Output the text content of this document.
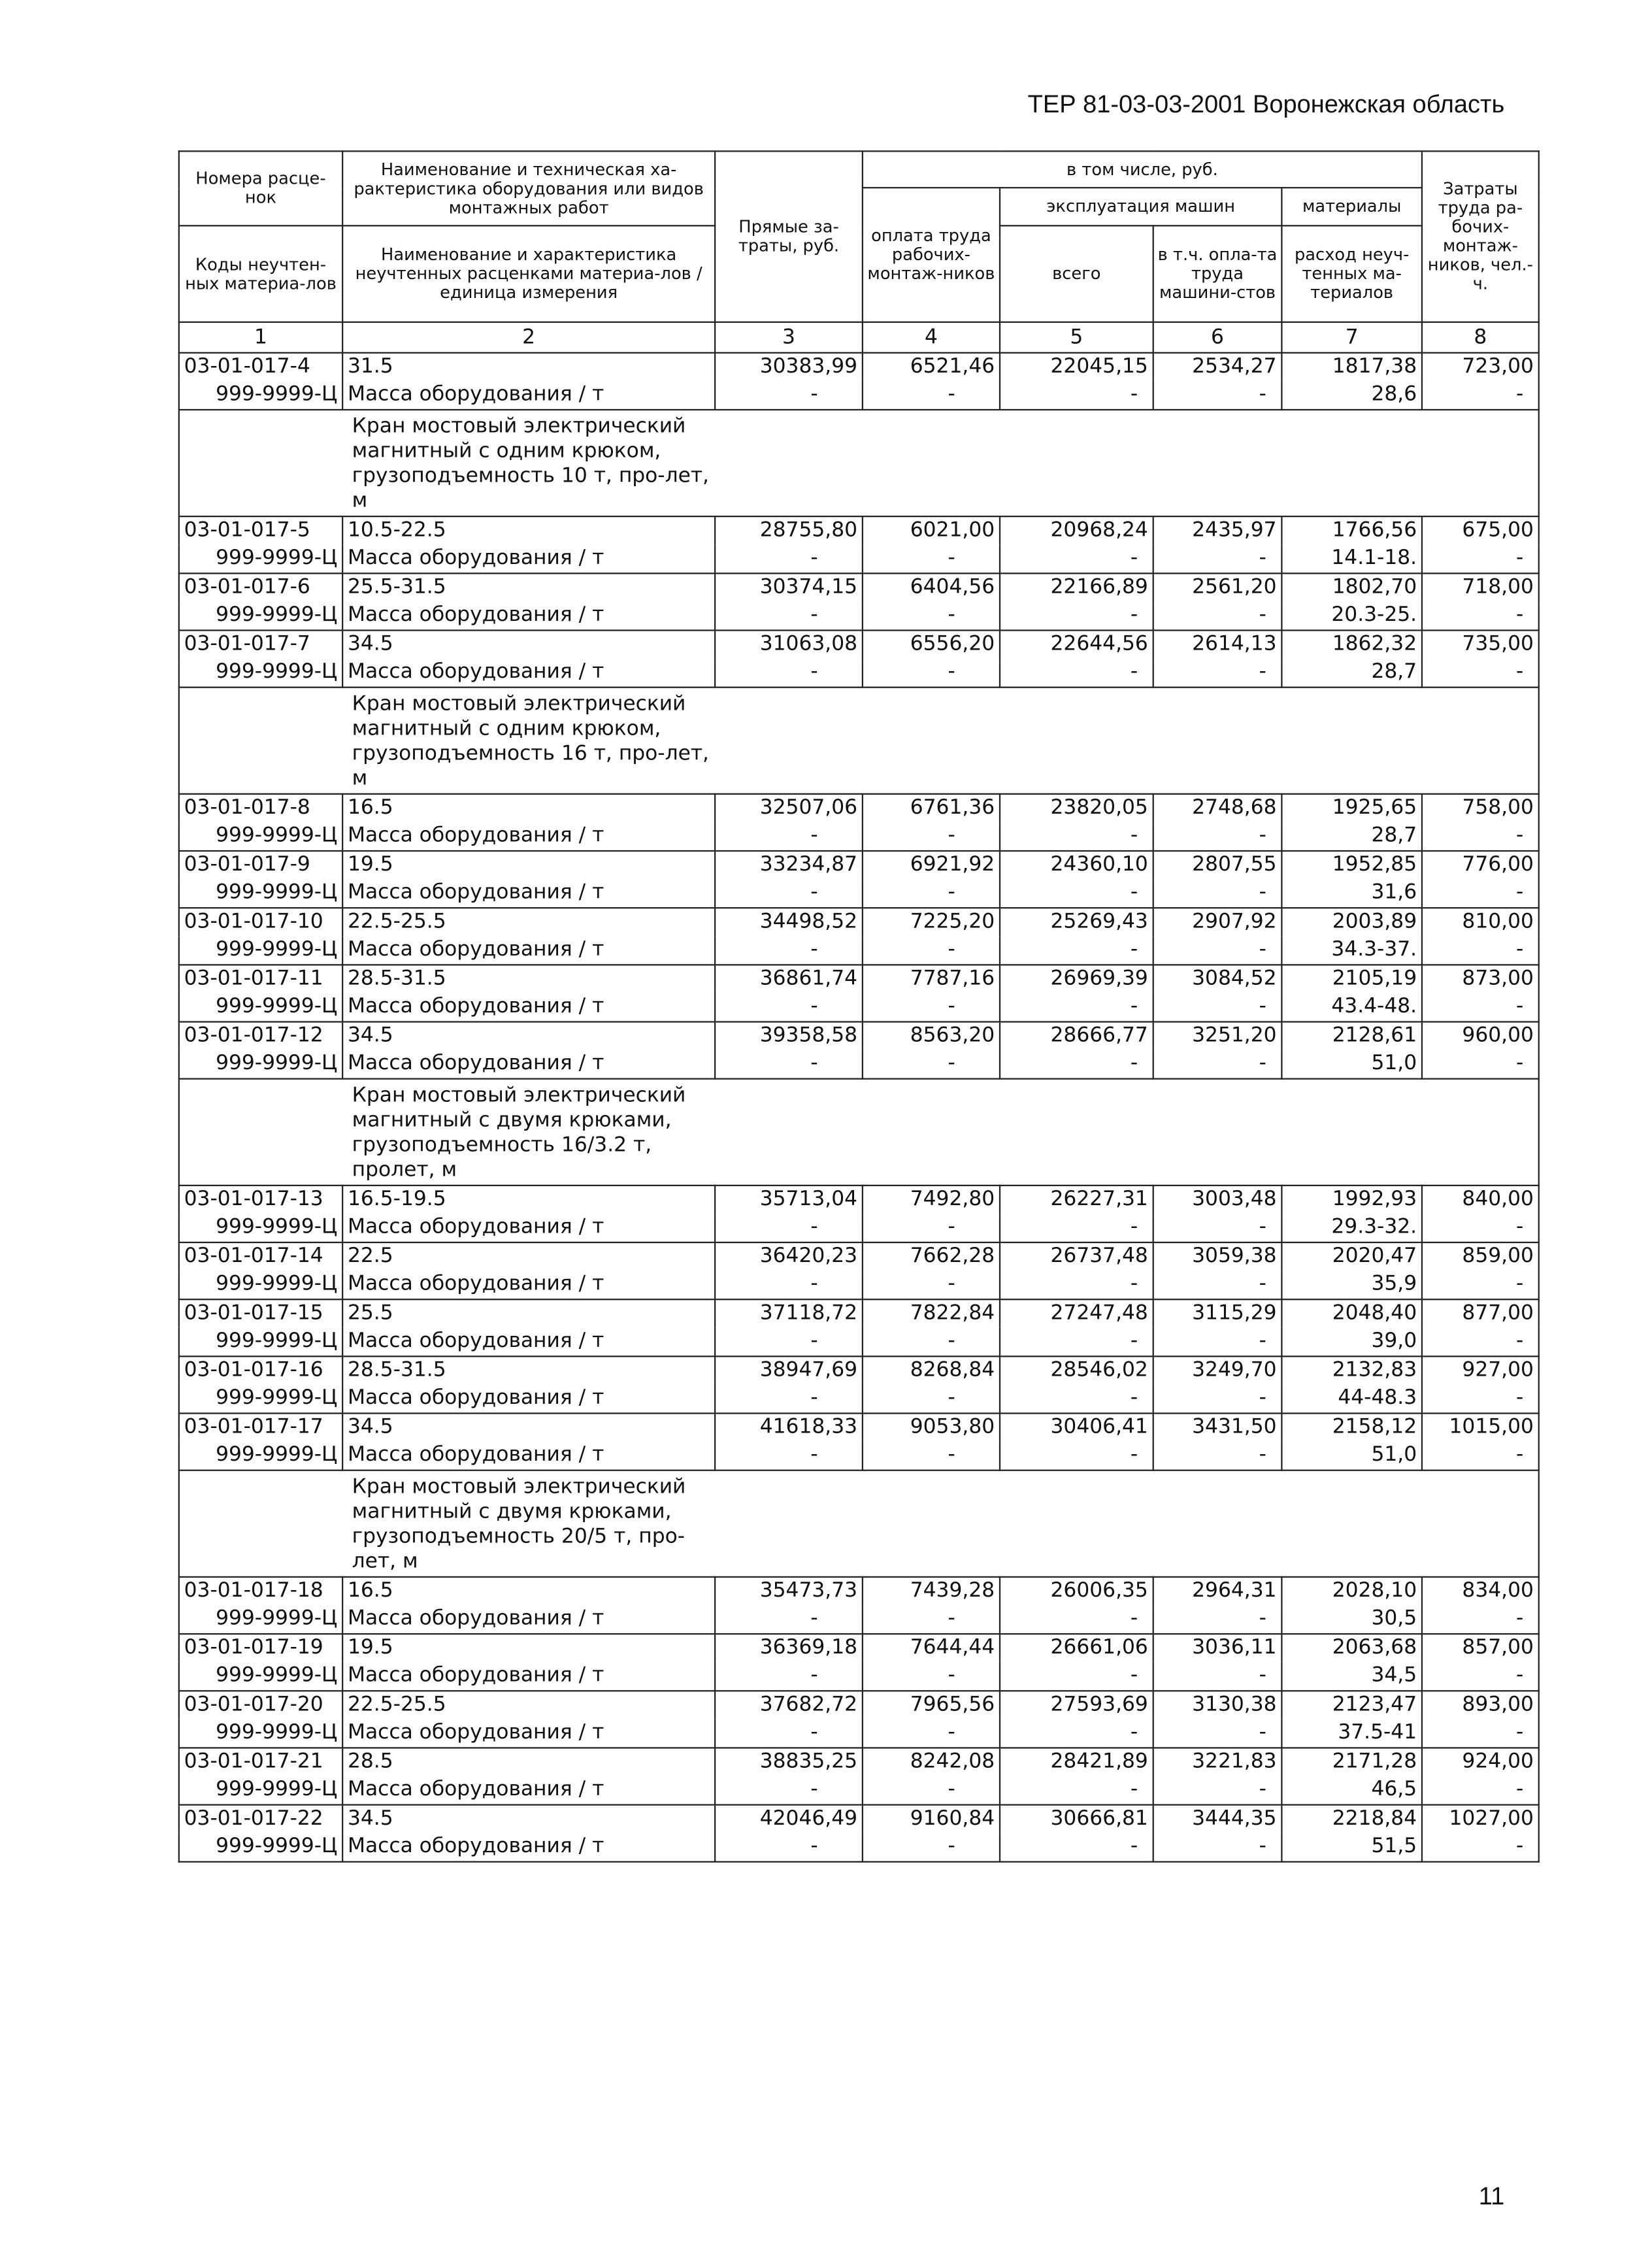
ТЕР 81-03-03-2001 Воронежская область
Номера расце-нок	Наименование и техническая ха-рактеристика оборудования или видов монтажных работ	Прямые за-траты, руб.	в том числе, руб.				Затраты труда ра-бочих-монтаж-ников, чел.-ч.
			оплата труда рабочих-монтаж-ников	эксплуатация машин		материалы	
Коды неучтен-ных материа-лов	Наименование и характеристика неучтенных расценками материа-лов / единица измерения			всего	в т.ч. опла-та труда машини-стов	расход неуч-тенных ма-териалов	

1	2	3	4	5	6	7	8
03-01-017-4	31.5	30383,99	6521,46	22045,15	2534,27	1817,38	723,00
999-9999-Ц	Масса оборудования / т	-	-	-	-	28,6	-

Кран мостовый электрический магнитный с одним крюком, грузоподъемность 10 т, про-лет, м							

03-01-017-5	10.5-22.5	28755,80	6021,00	20968,24	2435,97	1766,56	675,00
999-9999-Ц	Масса оборудования / т	-	-	-	-	14.1-18.	-
03-01-017-6	25.5-31.5	30374,15	6404,56	22166,89	2561,20	1802,70	718,00
999-9999-Ц	Масса оборудования / т	-	-	-	-	20.3-25.	-
03-01-017-7	34.5	31063,08	6556,20	22644,56	2614,13	1862,32	735,00
999-9999-Ц	Масса оборудования / т	-	-	-	-	28,7	-

Кран мостовый электрический магнитный с одним крюком, грузоподъемность 16 т, про-лет, м							

03-01-017-8	16.5	32507,06	6761,36	23820,05	2748,68	1925,65	758,00
999-9999-Ц	Масса оборудования / т	-	-	-	-	28,7	-
03-01-017-9	19.5	33234,87	6921,92	24360,10	2807,55	1952,85	776,00
999-9999-Ц	Масса оборудования / т	-	-	-	-	31,6	-
03-01-017-10	22.5-25.5	34498,52	7225,20	25269,43	2907,92	2003,89	810,00
999-9999-Ц	Масса оборудования / т	-	-	-	-	34.3-37.	-
03-01-017-11	28.5-31.5	36861,74	7787,16	26969,39	3084,52	2105,19	873,00
999-9999-Ц	Масса оборудования / т	-	-	-	-	43.4-48.	-
03-01-017-12	34.5	39358,58	8563,20	28666,77	3251,20	2128,61	960,00
999-9999-Ц	Масса оборудования / т	-	-	-	-	51,0	-

Кран мостовый электрический магнитный с двумя крюками, грузоподъемность 16/3.2 т, пролет, м							

03-01-017-13	16.5-19.5	35713,04	7492,80	26227,31	3003,48	1992,93	840,00
999-9999-Ц	Масса оборудования / т	-	-	-	-	29.3-32.	-
03-01-017-14	22.5	36420,23	7662,28	26737,48	3059,38	2020,47	859,00
999-9999-Ц	Масса оборудования / т	-	-	-	-	35,9	-
03-01-017-15	25.5	37118,72	7822,84	27247,48	3115,29	2048,40	877,00
999-9999-Ц	Масса оборудования / т	-	-	-	-	39,0	-
03-01-017-16	28.5-31.5	38947,69	8268,84	28546,02	3249,70	2132,83	927,00
999-9999-Ц	Масса оборудования / т	-	-	-	-	44-48.3	-
03-01-017-17	34.5	41618,33	9053,80	30406,41	3431,50	2158,12	1015,00
999-9999-Ц	Масса оборудования / т	-	-	-	-	51,0	-

Кран мостовый электрический магнитный с двумя крюками, грузоподъемность 20/5 т, про-лет, м							

03-01-017-18	16.5	35473,73	7439,28	26006,35	2964,31	2028,10	834,00
999-9999-Ц	Масса оборудования / т	-	-	-	-	30,5	-
03-01-017-19	19.5	36369,18	7644,44	26661,06	3036,11	2063,68	857,00
999-9999-Ц	Масса оборудования / т	-	-	-	-	34,5	-
03-01-017-20	22.5-25.5	37682,72	7965,56	27593,69	3130,38	2123,47	893,00
999-9999-Ц	Масса оборудования / т	-	-	-	-	37.5-41	-
03-01-017-21	28.5	38835,25	8242,08	28421,89	3221,83	2171,28	924,00
999-9999-Ц	Масса оборудования / т	-	-	-	-	46,5	-
03-01-017-22	34.5	42046,49	9160,84	30666,81	3444,35	2218,84	1027,00
999-9999-Ц	Масса оборудования / т	-	-	-	-	51,5	-
11
